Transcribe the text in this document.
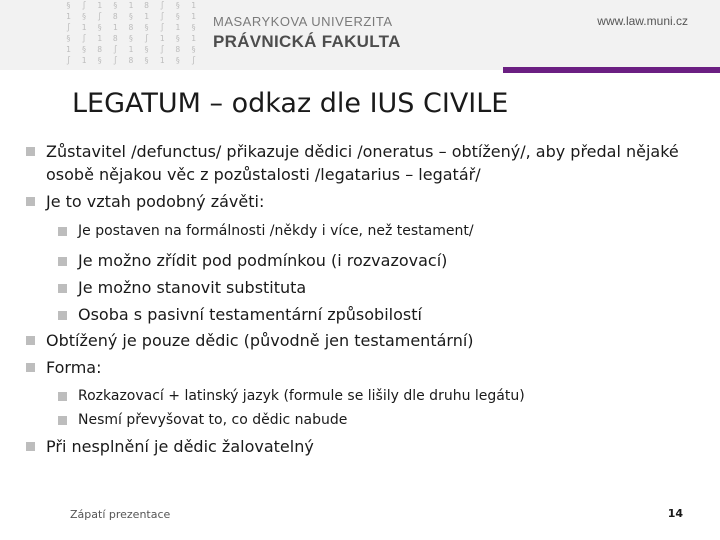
§ ∫ 1 § 1 8 ∫ § 1
1 § ∫ 8 § 1 ∫ § 1
∫ 1 § 1 8 § ∫ 1 §
§ ∫ 1 8 § ∫ 1 § 1
1 § 8 ∫ 1 § ∫ 8 §
∫ 1 § ∫ 8 § 1 § ∫
MASARYKOVA UNIVERZITA
PRÁVNICKÁ FAKULTA
www.law.muni.cz
LEGATUM – odkaz dle IUS CIVILE
Zůstavitel /defunctus/ přikazuje dědici /oneratus – obtížený/, aby předal nějaké osobě nějakou věc z pozůstalosti /legatarius – legatář/
Je to vztah podobný závěti:
Je postaven na formálnosti /někdy i více, než testament/
Je možno zřídit pod podmínkou (i rozvazovací)
Je možno stanovit substituta
Osoba s pasivní testamentární způsobilostí
Obtížený je pouze dědic (původně jen testamentární)
Forma:
Rozkazovací + latinský jazyk (formule se lišily dle druhu legátu)
Nesmí převyšovat to, co dědic nabude
Při nesplnění je dědic žalovatelný
Zápatí prezentace	14
